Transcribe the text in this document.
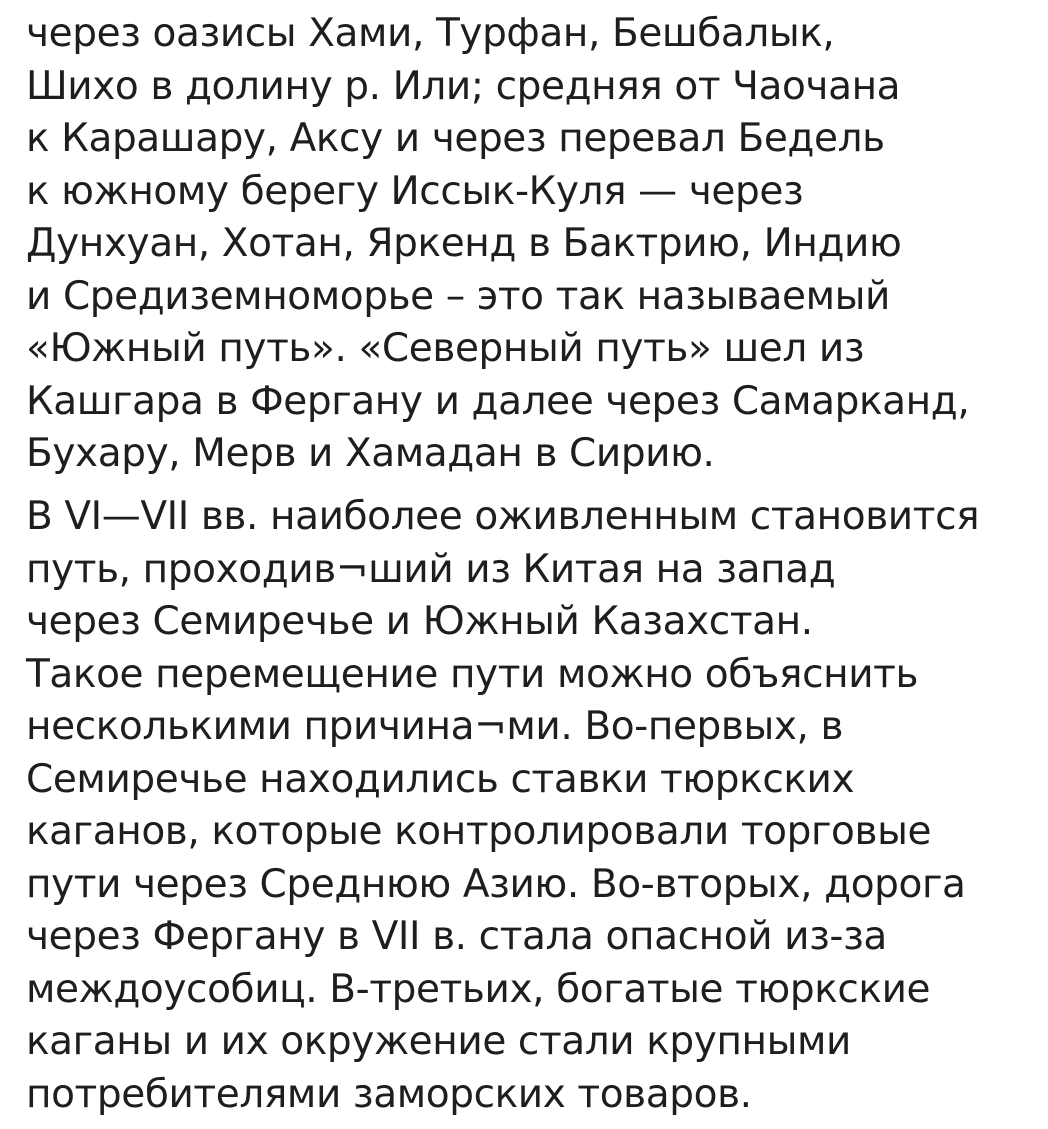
через оазисы Хами, Турфан, Бешбалык,
Шихо в долину р. Или; средняя от Чаочана
к Карашару, Аксу и через перевал Бедель
к южному берегу Иссык-Куля — через
Дунхуан, Хотан, Яркенд в Бактрию, Индию
и Средиземноморье – это так называемый
«Южный путь». «Северный путь» шел из
Кашгара в Фергану и далее через Самарканд,
Бухару, Мерв и Хамадан в Сирию.

В VI—VII вв. наиболее оживленным становится
путь, проходив¬ший из Китая на запад
через Семиречье и Южный Казахстан.
Такое перемещение пути можно объяснить
несколькими причина¬ми. Во-первых, в
Семиречье находились ставки тюркских
каганов, которые контролировали торговые
пути через Среднюю Азию. Во-вторых, дорога
через Фергану в VII в. стала опасной из-за
междоусобиц. В-третьих, богатые тюркские
каганы и их окружение стали крупными
потребителями заморских товаров.
